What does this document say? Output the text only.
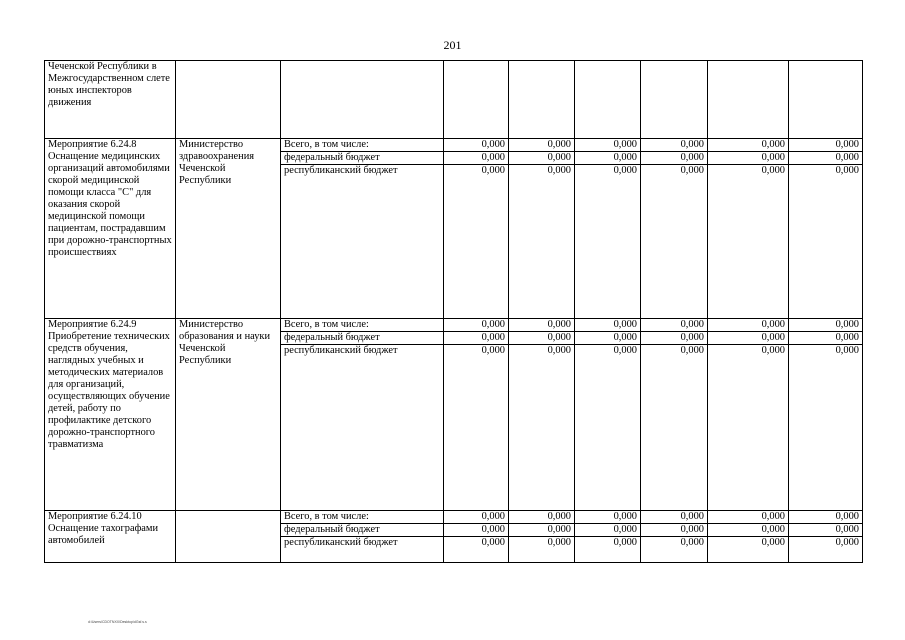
201
Чеченской Республики в Межгосударственном слете юных инспекторов движения								
Мероприятие 6.24.8 Оснащение медицинских организаций автомобилями скорой медицинской помощи класса "С" для оказания скорой медицинской помощи пациентам, пострадавшим при дорожно-транспортных происшествиях	Министерство здравоохранения Чеченской Республики	Всего, в том числе:	0,000	0,000	0,000	0,000	0,000	0,000
		федеральный бюджет	0,000	0,000	0,000	0,000	0,000	0,000
		республиканский бюджет	0,000	0,000	0,000	0,000	0,000	0,000
Мероприятие 6.24.9 Приобретение технических средств обучения, наглядных учебных и методических материалов для организаций, осуществляющих обучение детей, работу по профилактике детского дорожно-транспортного травматизма	Министерство образования и науки Чеченской Республики	Всего, в том числе:	0,000	0,000	0,000	0,000	0,000	0,000
		федеральный бюджет	0,000	0,000	0,000	0,000	0,000	0,000
		республиканский бюджет	0,000	0,000	0,000	0,000	0,000	0,000
Мероприятие 6.24.10 Оснащение тахографами автомобилей		Всего, в том числе:	0,000	0,000	0,000	0,000	0,000	0,000
		федеральный бюджет	0,000	0,000	0,000	0,000	0,000	0,000
		республиканский бюджет	0,000	0,000	0,000	0,000	0,000	0,000
d:\Users\CDOTNXX\Desktop\dGsf.s.s
